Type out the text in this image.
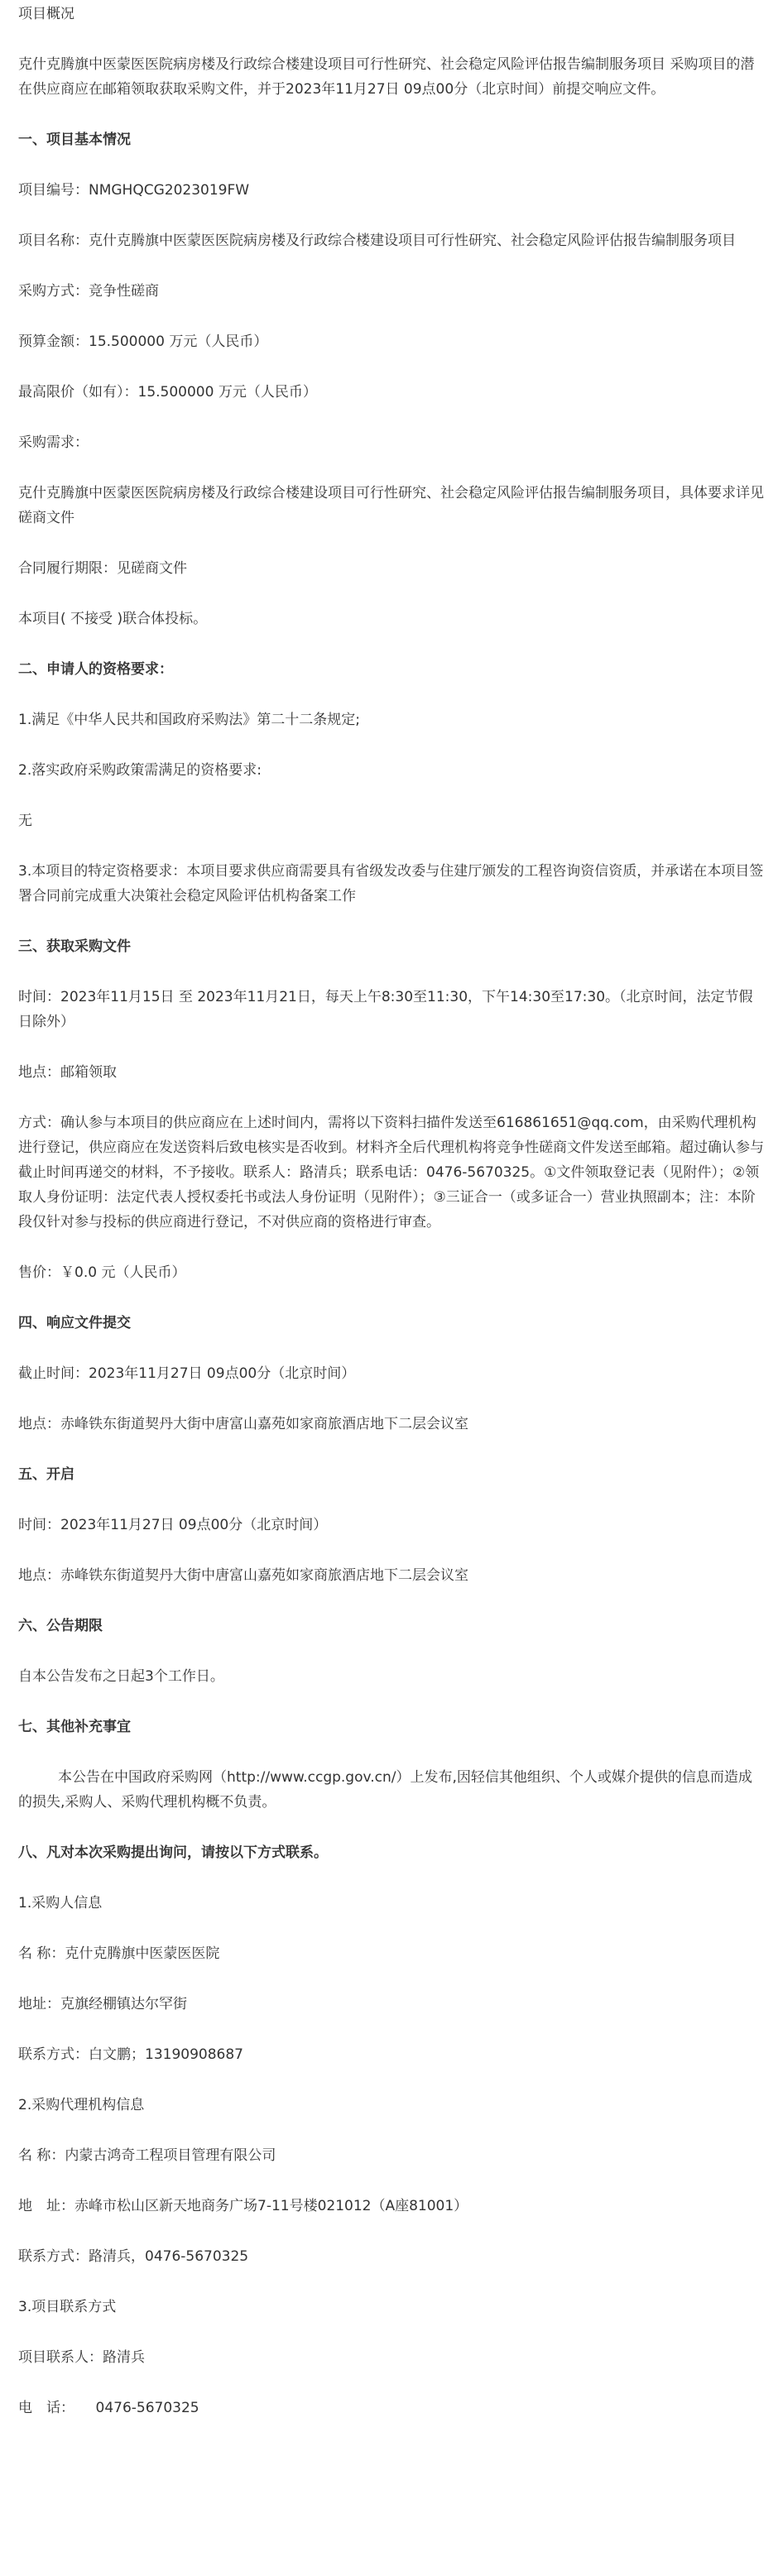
项目概况

克什克腾旗中医蒙医医院病房楼及行政综合楼建设项目可行性研究、社会稳定风险评估报告编制服务项目 采购项目的潜在供应商应在邮箱领取获取采购文件，并于2023年11月27日 09点00分（北京时间）前提交响应文件。

一、项目基本情况

项目编号：NMGHQCG2023019FW

项目名称：克什克腾旗中医蒙医医院病房楼及行政综合楼建设项目可行性研究、社会稳定风险评估报告编制服务项目

采购方式：竞争性磋商

预算金额：15.500000 万元（人民币）

最高限价（如有）：15.500000 万元（人民币）

采购需求：

克什克腾旗中医蒙医医院病房楼及行政综合楼建设项目可行性研究、社会稳定风险评估报告编制服务项目，具体要求详见磋商文件

合同履行期限：见磋商文件

本项目( 不接受 )联合体投标。

二、申请人的资格要求：

1.满足《中华人民共和国政府采购法》第二十二条规定;

2.落实政府采购政策需满足的资格要求:

无

3.本项目的特定资格要求：本项目要求供应商需要具有省级发改委与住建厅颁发的工程咨询资信资质，并承诺在本项目签署合同前完成重大决策社会稳定风险评估机构备案工作

三、获取采购文件

时间：2023年11月15日 至 2023年11月21日，每天上午8:30至11:30，下午14:30至17:30。（北京时间，法定节假日除外）

地点：邮箱领取

方式：确认参与本项目的供应商应在上述时间内，需将以下资料扫描件发送至616861651@qq.com，由采购代理机构进行登记，供应商应在发送资料后致电核实是否收到。材料齐全后代理机构将竞争性磋商文件发送至邮箱。超过确认参与截止时间再递交的材料，不予接收。联系人：路清兵；联系电话：0476-5670325。①文件领取登记表（见附件）；②领取人身份证明：法定代表人授权委托书或法人身份证明（见附件）；③三证合一（或多证合一）营业执照副本；注：本阶段仅针对参与投标的供应商进行登记，不对供应商的资格进行审查。

售价：￥0.0 元（人民币）

四、响应文件提交

截止时间：2023年11月27日 09点00分（北京时间）

地点：赤峰铁东街道契丹大街中唐富山嘉苑如家商旅酒店地下二层会议室

五、开启

时间：2023年11月27日 09点00分（北京时间）

地点：赤峰铁东街道契丹大街中唐富山嘉苑如家商旅酒店地下二层会议室

六、公告期限

自本公告发布之日起3个工作日。

七、其他补充事宜

本公告在中国政府采购网（http://www.ccgp.gov.cn/）上发布,因轻信其他组织、个人或媒介提供的信息而造成的损失,采购人、采购代理机构概不负责。

八、凡对本次采购提出询问，请按以下方式联系。

1.采购人信息

名 称：克什克腾旗中医蒙医医院

地址：克旗经棚镇达尔罕街

联系方式：白文鹏；13190908687

2.采购代理机构信息

名 称：内蒙古鸿奇工程项目管理有限公司

地　址：赤峰市松山区新天地商务广场7-11号楼021012（A座81001）

联系方式：路清兵，0476-5670325

3.项目联系方式

项目联系人：路清兵

电　话：　　0476-5670325
